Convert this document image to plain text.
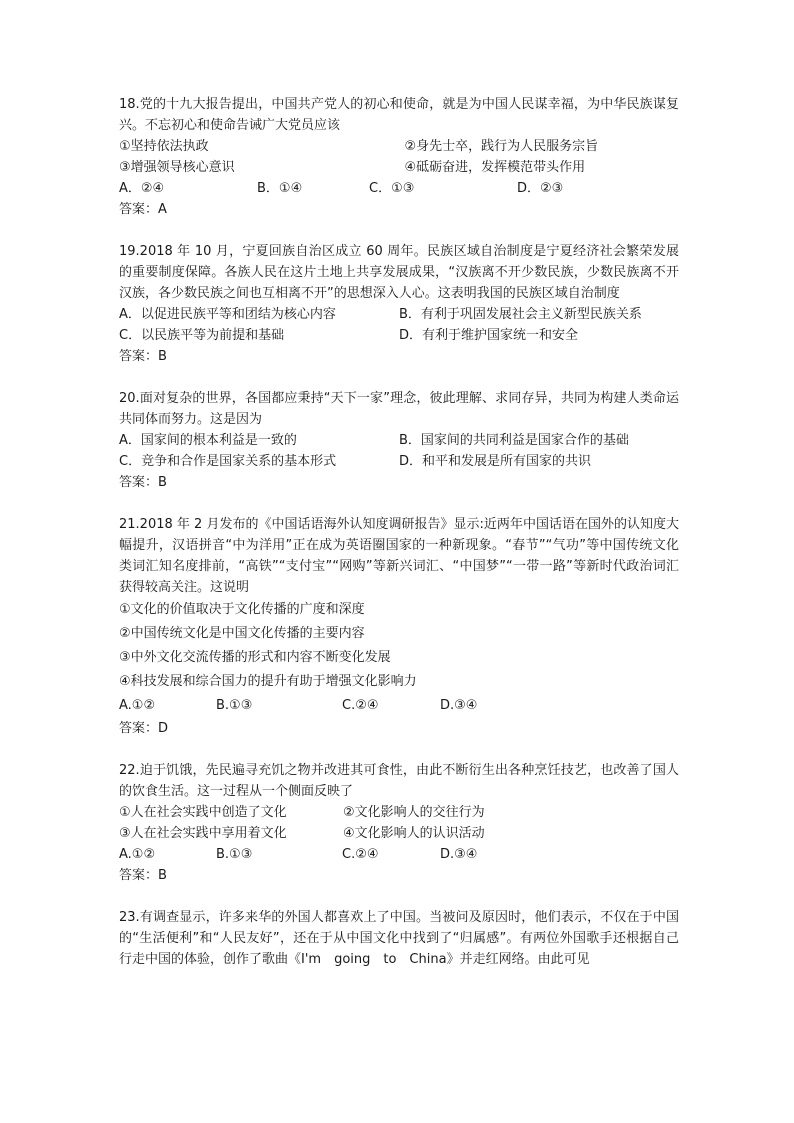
18.党的十九大报告提出，中国共产党人的初心和使命，就是为中国人民谋幸福，为中华民族谋复兴。不忘初心和使命告诫广大党员应该

①坚持依法执政	②身先士卒，践行为人民服务宗旨
③增强领导核心意识	④砥砺奋进，发挥模范带头作用
A．②④	B．①④	C．①③	D．②③

答案：A

19.2018 年 10 月，宁夏回族自治区成立 60 周年。民族区域自治制度是宁夏经济社会繁荣发展的重要制度保障。各族人民在这片土地上共享发展成果，“汉族离不开少数民族，少数民族离不开汉族，各少数民族之间也互相离不开”的思想深入人心。这表明我国的民族区域自治制度

A．以促进民族平等和团结为核心内容	B．有利于巩固发展社会主义新型民族关系
C．以民族平等为前提和基础	D．有利于维护国家统一和安全

答案：B

20.面对复杂的世界，各国都应秉持“天下一家”理念，彼此理解、求同存异，共同为构建人类命运共同体而努力。这是因为

A．国家间的根本利益是一致的	B．国家间的共同利益是国家合作的基础
C．竞争和合作是国家关系的基本形式	D．和平和发展是所有国家的共识

答案：B

21.2018 年 2 月发布的《中国话语海外认知度调研报告》显示:近两年中国话语在国外的认知度大幅提升，汉语拼音“中为洋用”正在成为英语圈国家的一种新现象。“春节”“气功”等中国传统文化类词汇知名度排前，“高铁”“支付宝”“网购”等新兴词汇、“中国梦”“一带一路”等新时代政治词汇获得较高关注。这说明

①文化的价值取决于文化传播的广度和深度

②中国传统文化是中国文化传播的主要内容

③中外文化交流传播的形式和内容不断变化发展

④科技发展和综合国力的提升有助于增强文化影响力

A.①②	B.①③	C.②④	D.③④

答案：D

22.迫于饥饿，先民遍寻充饥之物并改进其可食性，由此不断衍生出各种烹饪技艺，也改善了国人的饮食生活。这一过程从一个侧面反映了

①人在社会实践中创造了文化	②文化影响人的交往行为
③人在社会实践中享用着文化	④文化影响人的认识活动
A.①②	B.①③	C.②④	D.③④

答案：B

23.有调查显示，许多来华的外国人都喜欢上了中国。当被问及原因时，他们表示，不仅在于中国的“生活便利”和“人民友好”，还在于从中国文化中找到了“归属感”。有两位外国歌手还根据自己行走中国的体验，创作了歌曲《I'm　going　to　China》并走红网络。由此可见
